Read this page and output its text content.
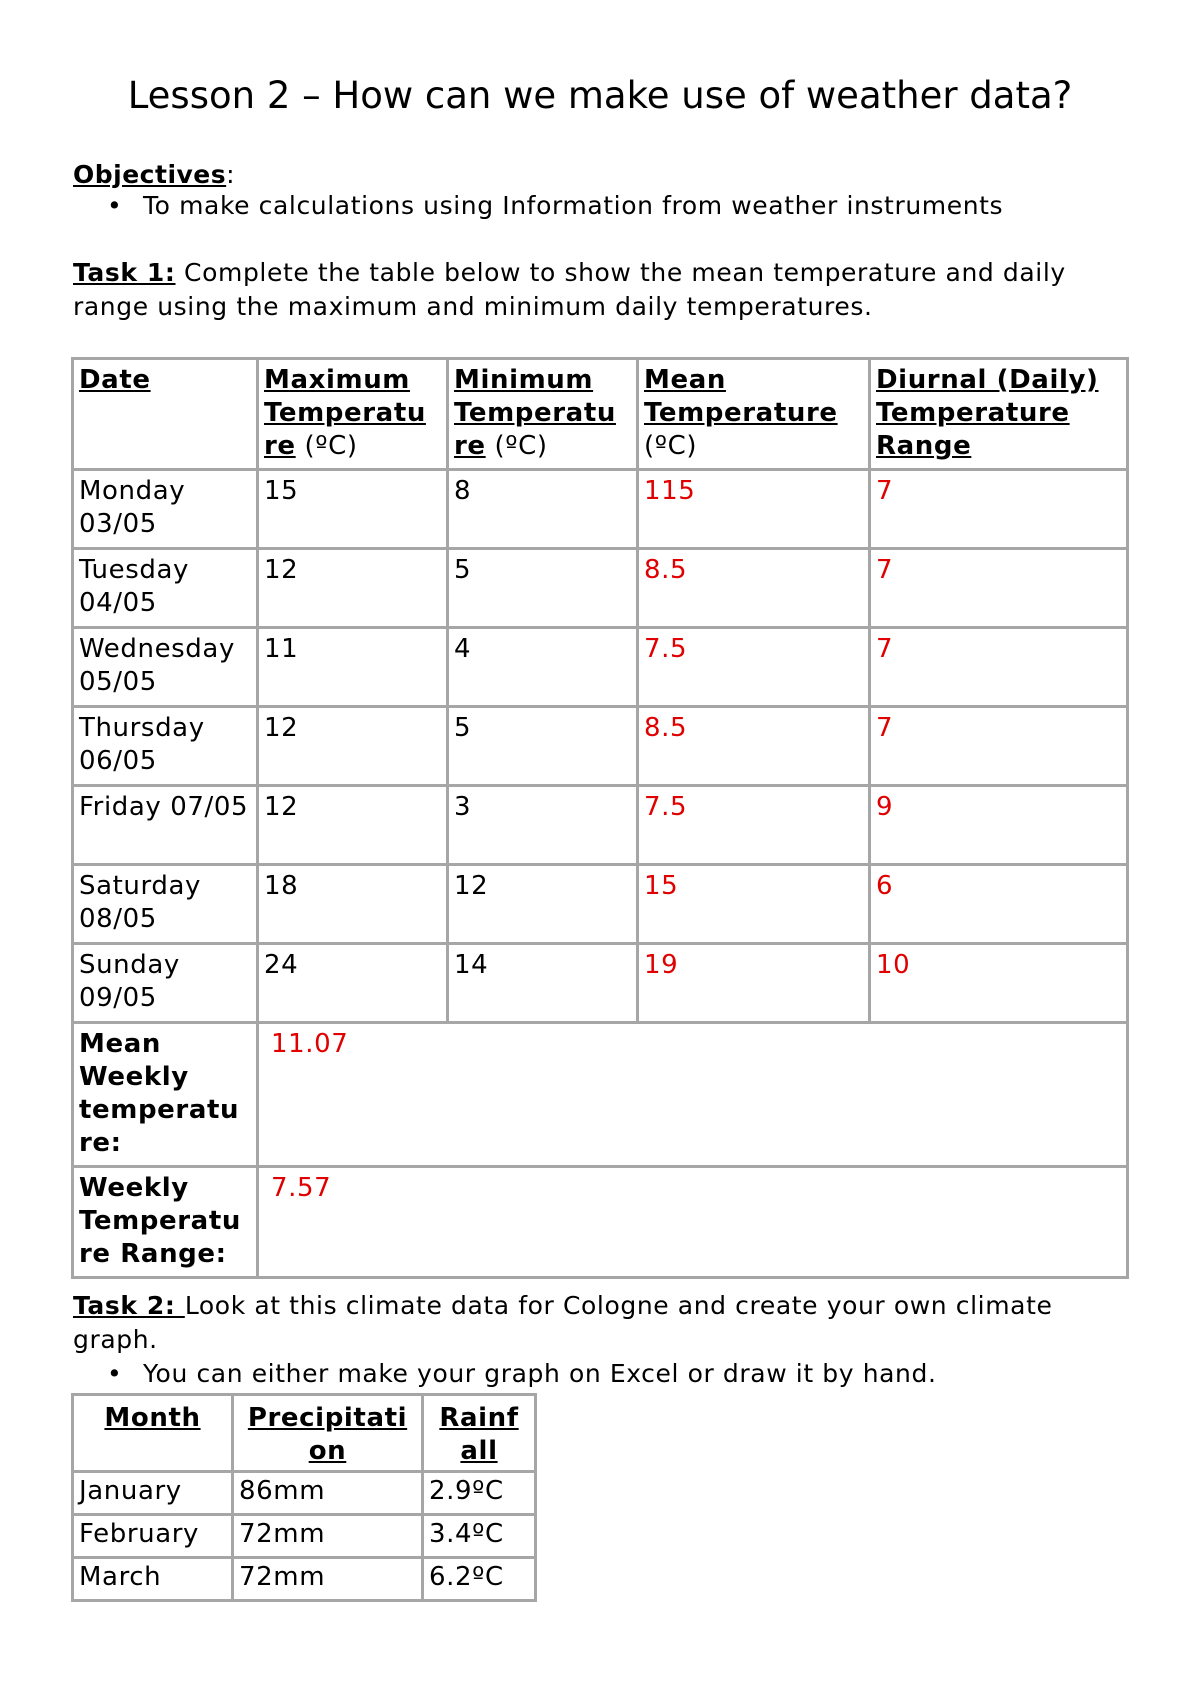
Lesson 2 – How can we make use of weather data?
Objectives:
• To make calculations using Information from weather instruments
Task 1: Complete the table below to show the mean temperature and daily range using the maximum and minimum daily temperatures.
Date	Maximum Temperatu re (ºC)	Minimum Temperatu re (ºC)	Mean Temperature (ºC)	Diurnal (Daily) Temperature Range
Monday 03/05	15	8	115	7
Tuesday 04/05	12	5	8.5	7
Wednesday 05/05	11	4	7.5	7
Thursday 06/05	12	5	8.5	7
Friday 07/05	12	3	7.5	9
Saturday 08/05	18	12	15	6
Sunday 09/05	24	14	19	10
Mean Weekly temperatu re:	11.07			
Weekly Temperatu re Range:	7.57			
Task 2: Look at this climate data for Cologne and create your own climate graph.
• You can either make your graph on Excel or draw it by hand.
Month	Precipitati on	Rainf all
January	86mm	2.9ºC
February	72mm	3.4ºC
March	72mm	6.2ºC
